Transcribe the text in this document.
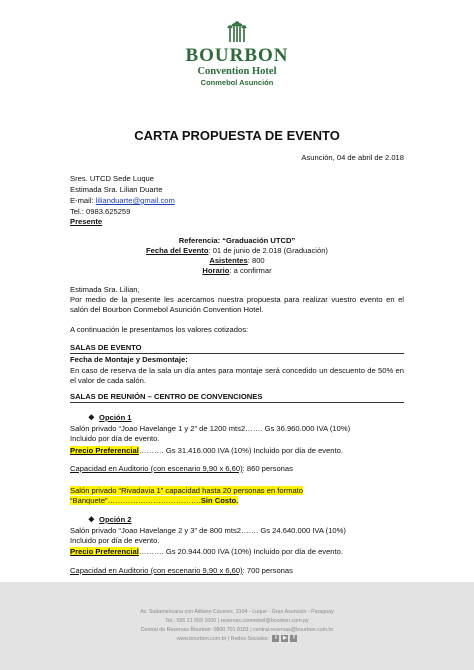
BOURBON
Convention Hotel
Conmebol Asunción
CARTA PROPUESTA DE EVENTO
Asunción, 04 de abril de 2.018
Sres. UTCD Sede Luque
Estimada Sra. Lilian Duarte
E-mail: lilianduarte@gmail.com
Tel.: 0983.625259
Presente
Referencia: “Graduación UTCD”
Fecha del Evento: 01 de junio de 2.018 (Graduación)
Asistentes: 800
Horario: a confirmar
Estimada Sra. Lilian,
Por medio de la presente les acercamos nuestra propuesta para realizar vuestro evento en el salón del Bourbon Conmebol Asunción Convention Hotel.
A continuación le presentamos los valores cotizados:
SALAS DE EVENTO
Fecha de Montaje y Desmontaje:
En caso de reserva de la sala un día antes para montaje será concedido un descuento de 50% en el valor de cada salón.
SALAS DE REUNIÓN – CENTRO DE CONVENCIONES
❖ Opción 1
Salón privado “Joao Havelange 1 y 2” de 1200 mts2……. Gs 36.960.000 IVA (10%)
Incluido por día de evento.
Precio Preferencial………. Gs 31.416.000 IVA (10%) Incluido por día de evento.
Capacidad en Auditorio (con escenario 9,90 x 6,60): 860 personas
Salón privado “Rivadavia 1” capacidad hasta 20 personas en formato
“Banquete”……………………………….Sin Costo.
❖ Opción 2
Salón privado “Joao Havelange 2 y 3” de 800 mts2……. Gs 24.640.000 IVA (10%)
Incluido por día de evento.
Precio Preferencial………. Gs 20.944.000 IVA (10%) Incluido por día de evento.
Capacidad en Auditorio (con escenario 9,90 x 6,60): 700 personas
Av. Sudamericana con Atiliano Cáceres, 3104 - Luque - Gran Asunción - Paraguay
Tel.: 595 21 659 1000 | reservas.conmebol@bourbon.com.py
Central de Reservas Bourbon: 0800 701 8181 | central.reservas@bourbon.com.br
www.bourbon.com.br | Redes Sociales: t ▶ f
